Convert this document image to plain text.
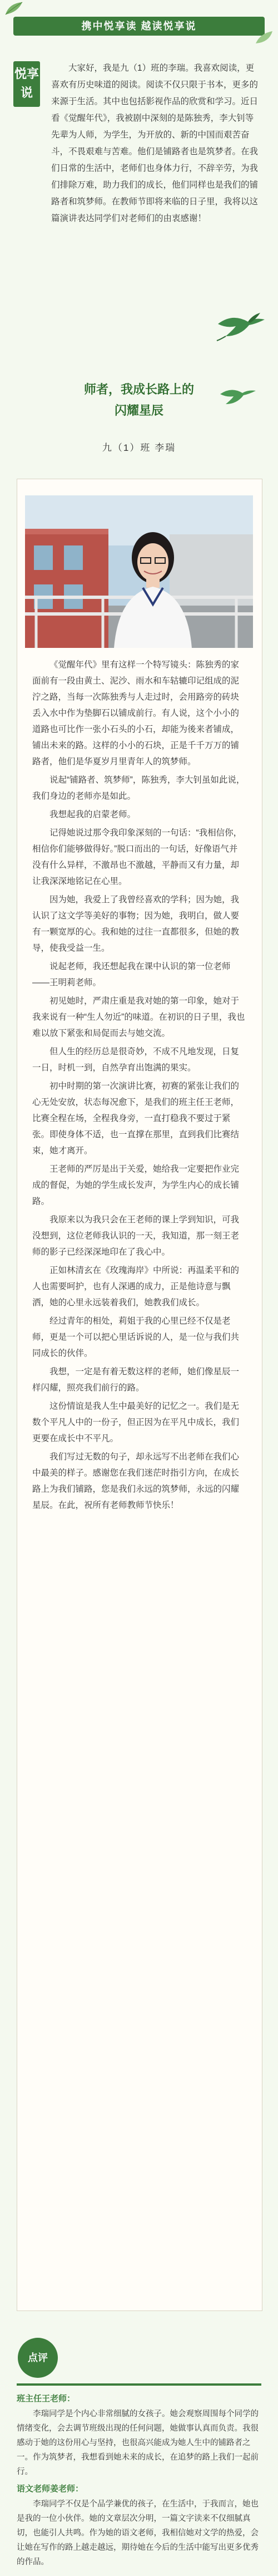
携中悦享读 越读悦享说
悦享说
大家好，我是九（1）班的李瑞。我喜欢阅读，更喜欢有历史味道的阅读。阅读不仅只限于书本，更多的来源于生活。其中也包括影视作品的欣赏和学习。近日看《觉醒年代》，我被剧中深刻的是陈独秀，李大钊等先辈为人师，为学生，为开放的、新的中国而艰苦奋斗，不畏艰难与苦难。他们是铺路者也是筑梦者。在我们日常的生活中，老师们也身体力行，不辞辛劳，为我们排除万难，助力我们的成长，他们同样也是我们的铺路者和筑梦师。在教师节即将来临的日子里，我将以这篇演讲表达同学们对老师们的由衷感谢！
师者，我成长路上的
闪耀星辰
九（1）班 李瑞

《觉醒年代》里有这样一个特写镜头：陈独秀的家面前有一段由黄土、泥沙、雨水和车轱辘印记组成的泥泞之路，当每一次陈独秀与人走过时，会用路旁的砖块丢入水中作为垫脚石以铺成前行。有人说，这个小小的道路也可比作一张小石头的小石，却能为後来者铺成，铺出未来的路。这样的小小的石块，正是千千万万的铺路者，他们是华夏岁月里青年人的筑梦师。

说起“铺路者、筑梦师”，陈独秀，李大钊虽如此说，我们身边的老师亦是如此。

我想起我的启蒙老师。

记得她说过那令我印象深刻的一句话：“我相信你，相信你们能够做得好。”脱口而出的一句话，好像语气并没有什么异样，不激昂也不激越，平静而又有力量，却让我深深地铭记在心里。

因为她，我爱上了我曾经喜欢的学科；因为她，我认识了这文学等美好的事物；因为她，我明白，做人要有一颗宽厚的心。我和她的过往一直都很多，但她的教导，使我受益一生。

说起老师，我还想起我在课中认识的第一位老师——王明莉老师。

初见她时，严肃庄重是我对她的第一印象，她对于我来说有一种“生人勿近”的味道。在初识的日子里，我也难以放下紧张和局促而去与她交流。

但人生的经历总是很奇妙，不成不凡地发现，日复一日，时机一到，自然孕育出饱满的果实。

初中时期的第一次演讲比赛，初赛的紧张让我们的心无处安放，状态每况愈下，是我们的班主任王老师，比赛全程在场，全程我身旁，一直打稳我不要过于紧张。即使身体不适，也一直撑在那里，直到我们比赛结束，她才离开。

王老师的严厉是出于关爱，她给我一定要把作业完成的督促，为她的学生成长发声，为学生内心的成长铺路。

我原来以为我只会在王老师的课上学到知识，可我没想到，这位老师我认识的一天，我知道，那一刻王老师的影子已经深深地印在了我心中。

正如林清玄在《玫瑰海岸》中所说：再温柔平和的人也需要呵护，也有人深遇的成力，正是他诗意与飘洒，她的心里永远装着我们，她教我们成长。

经过青年的相处，莉姐于我的心里已经不仅是老师，更是一个可以把心里话诉说的人，是一位与我们共同成长的伙伴。

我想，一定是有着无数这样的老师，她们像星辰一样闪耀，照亮我们前行的路。

这份情谊是我人生中最美好的记忆之一。我们是无数个平凡人中的一份子，但正因为在平凡中成长，我们更要在成长中不平凡。

我们写过无数的句子，却永远写不出老师在我们心中最美的样子。感谢您在我们迷茫时指引方向，在成长路上为我们铺路，您是我们永远的筑梦师，永远的闪耀星辰。在此，祝所有老师教师节快乐！

点评
班主任王老师：

李瑞同学是个内心非常细腻的女孩子。她会观察周围每个同学的情绪变化，会去调节班级出现的任何问题，她做事认真而负责。我很感动于她的这份用心与坚持，也很高兴能成为她人生中的铺路者之一。作为筑梦者，我想看到她未来的成长，在追梦的路上我们一起前行。

语文老师姜老师：

李瑞同学不仅是个品学兼优的孩子，在生活中，于我而言，她也是我的一位小伙伴。她的文章层次分明，一篇文字读来不仅细腻真切，也能引人共鸣。作为她的语文老师，我相信她对文学的热爱，会让她在写作的路上越走越远，期待她在今后的生活中能写出更多优秀的作品。
